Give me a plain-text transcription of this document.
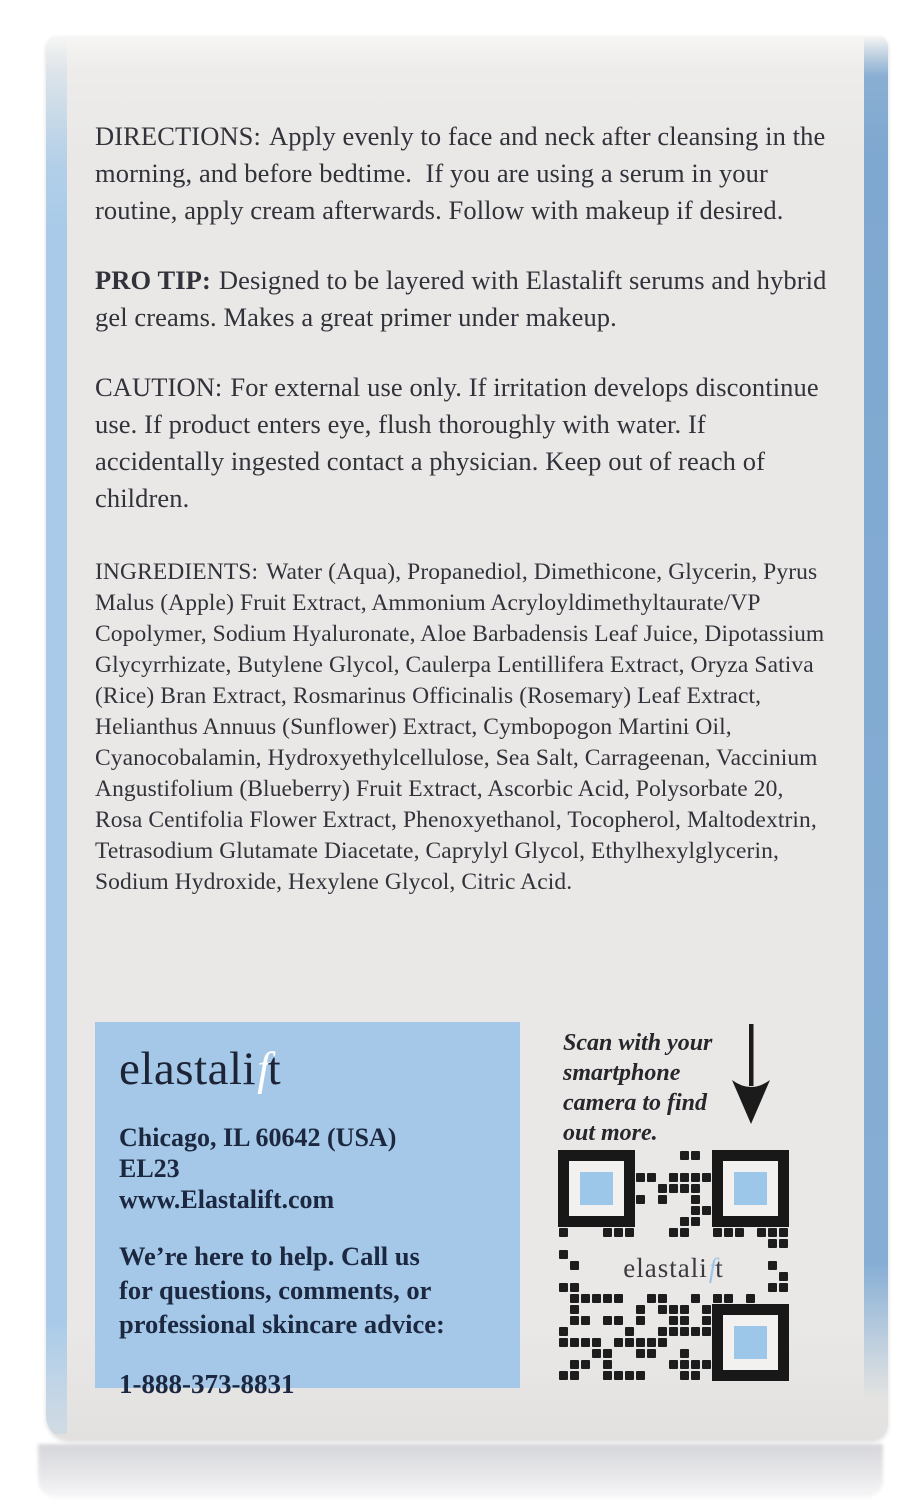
DIRECTIONS: Apply evenly to face and neck after cleansing in the morning, and before bedtime.  If you are using a serum in your routine, apply cream afterwards. Follow with makeup if desired.

PRO TIP: Designed to be layered with Elastalift serums and hybrid gel creams. Makes a great primer under makeup.

CAUTION: For external use only. If irritation develops discontinue use. If product enters eye, flush thoroughly with water. If accidentally ingested contact a physician. Keep out of reach of children.

INGREDIENTS: Water (Aqua), Propanediol, Dimethicone, Glycerin, Pyrus Malus (Apple) Fruit Extract, Ammonium Acryloyldimethyltaurate/VP Copolymer, Sodium Hyaluronate, Aloe Barbadensis Leaf Juice, Dipotassium Glycyrrhizate, Butylene Glycol, Caulerpa Lentillifera Extract, Oryza Sativa (Rice) Bran Extract, Rosmarinus Officinalis (Rosemary) Leaf Extract, Helianthus Annuus (Sunflower) Extract, Cymbopogon Martini Oil, Cyanocobalamin, Hydroxyethylcellulose, Sea Salt, Carrageenan, Vaccinium Angustifolium (Blueberry) Fruit Extract, Ascorbic Acid, Polysorbate 20, Rosa Centifolia Flower Extract, Phenoxyethanol, Tocopherol, Maltodextrin, Tetrasodium Glutamate Diacetate, Caprylyl Glycol, Ethylhexylglycerin, Sodium Hydroxide, Hexylene Glycol, Citric Acid.

elastalift
Chicago, IL 60642 (USA)
EL23
www.Elastalift.com
We’re here to help. Call us
for questions, comments, or
professional skincare advice:
1-888-373-8831
Scan with your
smartphone
camera to find
out more.
elastali f
t
